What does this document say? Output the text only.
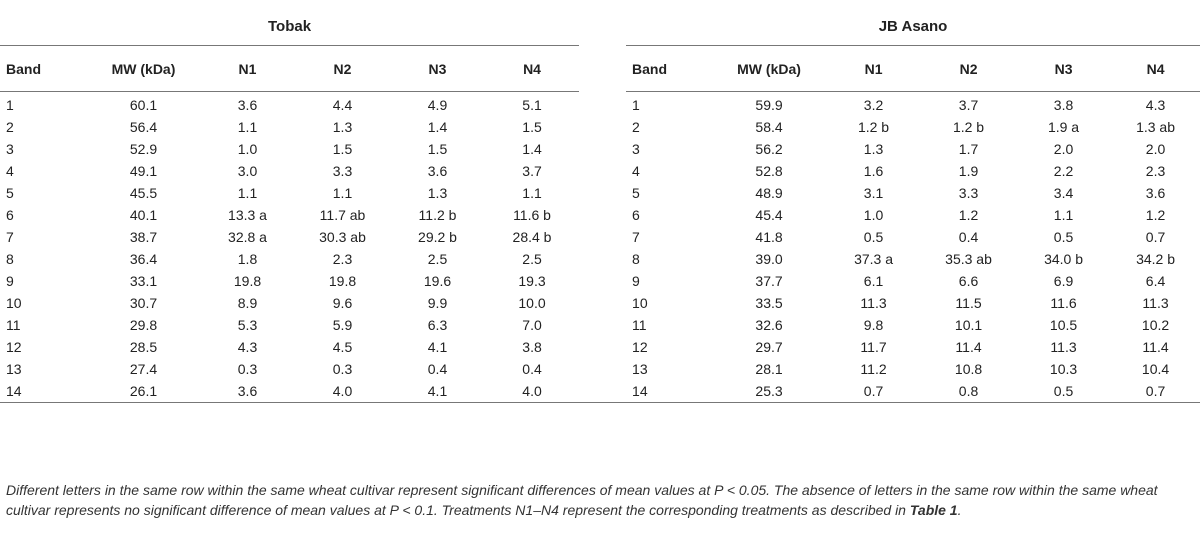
Tobak							JB Asano					
Band	MW (kDa)	N1	N2	N3	N4		Band	MW (kDa)	N1	N2	N3	N4
1	60.1	3.6	4.4	4.9	5.1		1	59.9	3.2	3.7	3.8	4.3
2	56.4	1.1	1.3	1.4	1.5		2	58.4	1.2 b	1.2 b	1.9 a	1.3 ab
3	52.9	1.0	1.5	1.5	1.4		3	56.2	1.3	1.7	2.0	2.0
4	49.1	3.0	3.3	3.6	3.7		4	52.8	1.6	1.9	2.2	2.3
5	45.5	1.1	1.1	1.3	1.1		5	48.9	3.1	3.3	3.4	3.6
6	40.1	13.3 a	11.7 ab	11.2 b	11.6 b		6	45.4	1.0	1.2	1.1	1.2
7	38.7	32.8 a	30.3 ab	29.2 b	28.4 b		7	41.8	0.5	0.4	0.5	0.7
8	36.4	1.8	2.3	2.5	2.5		8	39.0	37.3 a	35.3 ab	34.0 b	34.2 b
9	33.1	19.8	19.8	19.6	19.3		9	37.7	6.1	6.6	6.9	6.4
10	30.7	8.9	9.6	9.9	10.0		10	33.5	11.3	11.5	11.6	11.3
11	29.8	5.3	5.9	6.3	7.0		11	32.6	9.8	10.1	10.5	10.2
12	28.5	4.3	4.5	4.1	3.8		12	29.7	11.7	11.4	11.3	11.4
13	27.4	0.3	0.3	0.4	0.4		13	28.1	11.2	10.8	10.3	10.4
14	26.1	3.6	4.0	4.1	4.0		14	25.3	0.7	0.8	0.5	0.7
Different letters in the same row within the same wheat cultivar represent significant differences of mean values at P < 0.05. The absence of letters in the same row within the same wheat cultivar represents no significant difference of mean values at P < 0.1. Treatments N1–N4 represent the corresponding treatments as described in Table 1.
